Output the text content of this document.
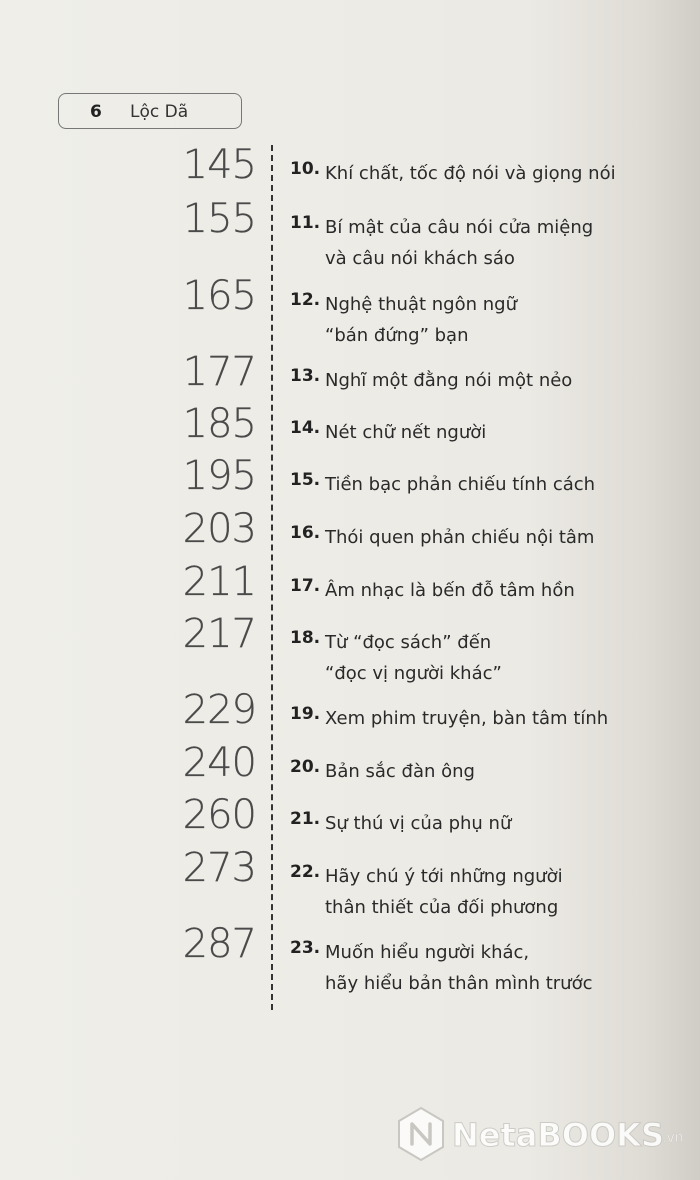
6 Lộc Dã
145 10. Khí chất, tốc độ nói và giọng nói
155 11. Bí mật của câu nói cửa miệng
và câu nói khách sáo
165 12. Nghệ thuật ngôn ngữ
“bán đứng” bạn
177 13. Nghĩ một đằng nói một nẻo
185 14. Nét chữ nết người
195 15. Tiền bạc phản chiếu tính cách
203 16. Thói quen phản chiếu nội tâm
211 17. Âm nhạc là bến đỗ tâm hồn
217 18. Từ “đọc sách” đến
“đọc vị người khác”
229 19. Xem phim truyện, bàn tâm tính
240 20. Bản sắc đàn ông
260 21. Sự thú vị của phụ nữ
273 22. Hãy chú ý tới những người
thân thiết của đối phương
287 23. Muốn hiểu người khác,
hãy hiểu bản thân mình trước
NetaBOOKS
.vn
